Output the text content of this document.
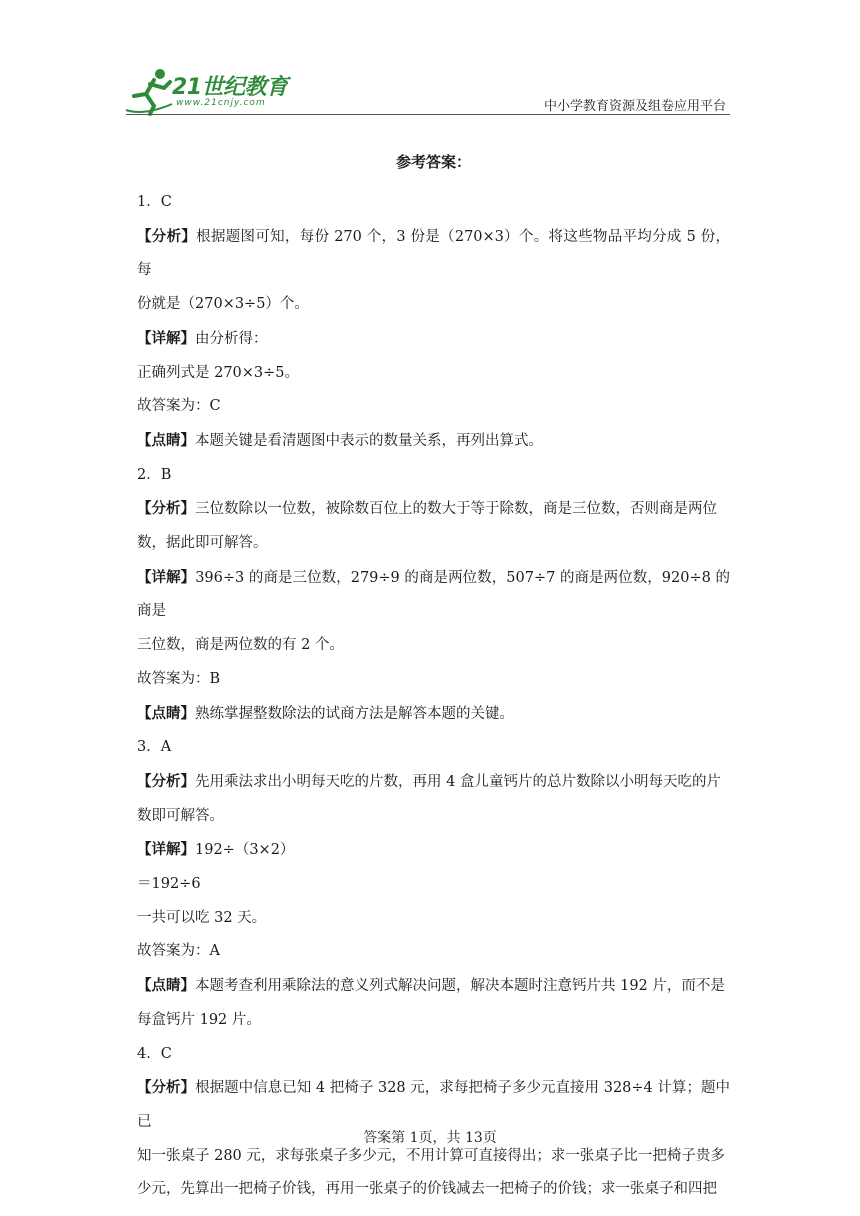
21世纪教育
www.21cnjy.com	中小学教育资源及组卷应用平台
参考答案：
1．C
【分析】根据题图可知，每份 270 个，3 份是（270×3）个。将这些物品平均分成 5 份，每
份就是（270×3÷5）个。
【详解】由分析得：
正确列式是 270×3÷5。
故答案为：C
【点睛】本题关键是看清题图中表示的数量关系，再列出算式。
2．B
【分析】三位数除以一位数，被除数百位上的数大于等于除数，商是三位数，否则商是两位
数，据此即可解答。
【详解】396÷3 的商是三位数，279÷9 的商是两位数，507÷7 的商是两位数，920÷8 的商是
三位数，商是两位数的有 2 个。
故答案为：B
【点睛】熟练掌握整数除法的试商方法是解答本题的关键。
3．A
【分析】先用乘法求出小明每天吃的片数，再用 4 盒儿童钙片的总片数除以小明每天吃的片
数即可解答。
【详解】192÷（3×2）
＝192÷6
一共可以吃 32 天。
故答案为：A
【点睛】本题考查利用乘除法的意义列式解决问题，解决本题时注意钙片共 192 片，而不是
每盒钙片 192 片。
4．C
【分析】根据题中信息已知 4 把椅子 328 元，求每把椅子多少元直接用 328÷4 计算；题中已
知一张桌子 280 元，求每张桌子多少元，不用计算可直接得出；求一张桌子比一把椅子贵多
少元，先算出一把椅子价钱，再用一张桌子的价钱减去一把椅子的价钱；求一张桌子和四把
答案第 1页，共 13页
